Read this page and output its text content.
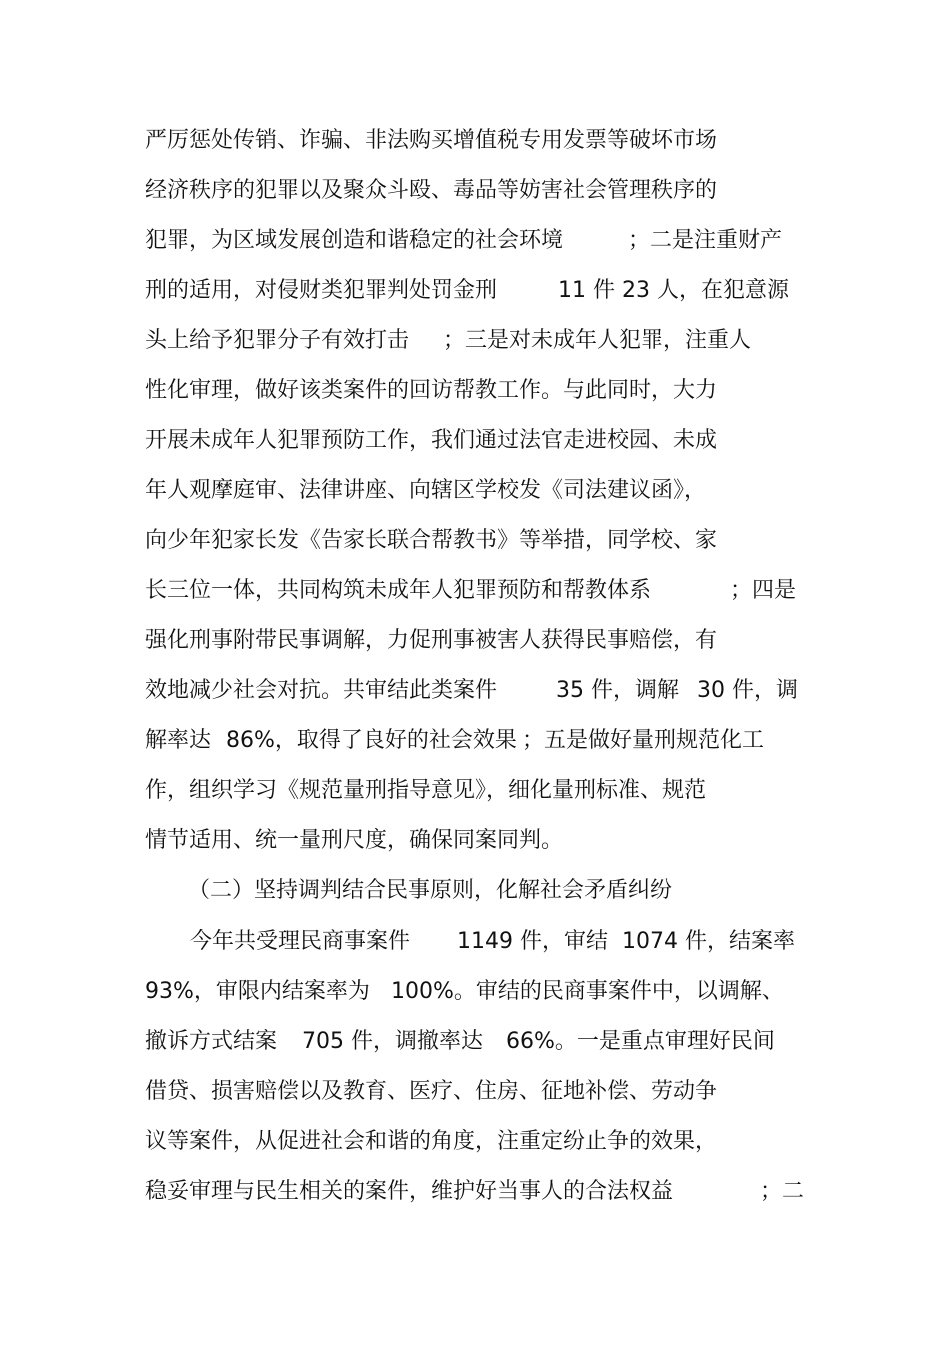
严厉惩处传销、诈骗、非法购买增值税专用发票等破坏市场

经济秩序的犯罪以及聚众斗殴、毒品等妨害社会管理秩序的

犯罪，为区域发展创造和谐稳定的社会环境

	；二是注重财产

刑的适用，对侵财类犯罪判处罚金刑

	11 件 23 人，在犯意源

头上给予犯罪分子有效打击

；三是对未成年人犯罪，注重人

性化审理，做好该类案件的回访帮教工作。与此同时，大力

开展未成年人犯罪预防工作，我们通过法官走进校园、未成

年人观摩庭审、法律讲座、向辖区学校发《司法建议函》，

向少年犯家长发《告家长联合帮教书》等举措，同学校、家

长三位一体，共同构筑未成年人犯罪预防和帮教体系

	；四是

强化刑事附带民事调解，力促刑事被害人获得民事赔偿，有

效地减少社会对抗。共审结此类案件

	35 件，调解

30 件，调

解率达

86%，取得了良好的社会效果

；五是做好量刑规范化工

作，组织学习《规范量刑指导意见》，细化量刑标准、规范

情节适用、统一量刑尺度，确保同案同判。

（二）坚持调判结合民事原则，化解社会矛盾纠纷

今年共受理民商事案件

1149 件，审结

1074 件，结案率

93%，审限内结案率为

100%。审结的民商事案件中，以调解、

撤诉方式结案

705 件，调撤率达

66%。一是重点审理好民间

借贷、损害赔偿以及教育、医疗、住房、征地补偿、劳动争

议等案件，从促进社会和谐的角度，注重定纷止争的效果，

稳妥审理与民生相关的案件，维护好当事人的合法权益

	；二
